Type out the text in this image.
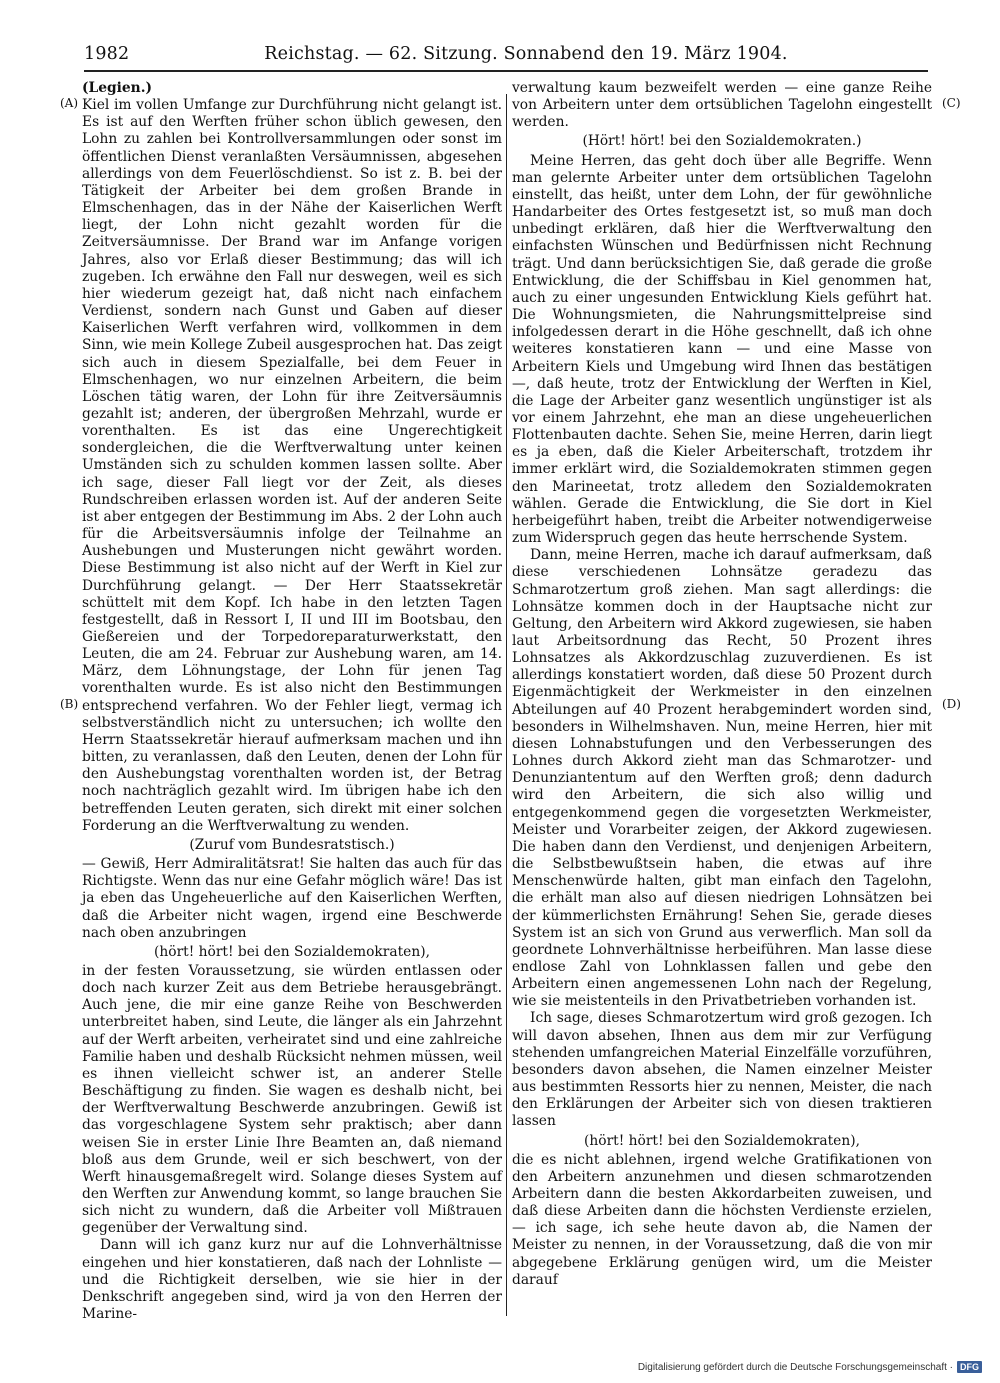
1982	Reichstag. — 62. Sitzung. Sonnabend den 19. März 1904.
(A)
(B)
(C)
(D)

(Legien.)

Kiel im vollen Umfange zur Durchführung nicht gelangt ist. Es ist auf den Werften früher schon üblich gewesen, den Lohn zu zahlen bei Kontrollversammlungen oder sonst im öffentlichen Dienst veranlaßten Versäumnissen, abgesehen allerdings von dem Feuerlöschdienst. So ist z. B. bei der Tätigkeit der Arbeiter bei dem großen Brande in Elmschenhagen, das in der Nähe der Kaiserlichen Werft liegt, der Lohn nicht gezahlt worden für die Zeitversäumnisse. Der Brand war im Anfange vorigen Jahres, also vor Erlaß dieser Bestimmung; das will ich zugeben. Ich erwähne den Fall nur deswegen, weil es sich hier wiederum gezeigt hat, daß nicht nach einfachem Verdienst, sondern nach Gunst und Gaben auf dieser Kaiserlichen Werft verfahren wird, vollkommen in dem Sinn, wie mein Kollege Zubeil ausgesprochen hat. Das zeigt sich auch in diesem Spezialfalle, bei dem Feuer in Elmschenhagen, wo nur einzelnen Arbeitern, die beim Löschen tätig waren, der Lohn für ihre Zeitversäumnis gezahlt ist; anderen, der übergroßen Mehrzahl, wurde er vorenthalten. Es ist das eine Ungerechtigkeit sondergleichen, die die Werftverwaltung unter keinen Umständen sich zu schulden kommen lassen sollte. Aber ich sage, dieser Fall liegt vor der Zeit, als dieses Rundschreiben erlassen worden ist. Auf der anderen Seite ist aber entgegen der Bestimmung im Abs. 2 der Lohn auch für die Arbeitsversäumnis infolge der Teilnahme an Aushebungen und Musterungen nicht gewährt worden. Diese Bestimmung ist also nicht auf der Werft in Kiel zur Durchführung gelangt. — Der Herr Staatssekretär schüttelt mit dem Kopf. Ich habe in den letzten Tagen festgestellt, daß in Ressort I, II und III im Bootsbau, den Gießereien und der Torpedoreparaturwerkstatt, den Leuten, die am 24. Februar zur Aushebung waren, am 14. März, dem Löhnungstage, der Lohn für jenen Tag vorenthalten wurde. Es ist also nicht den Bestimmungen entsprechend verfahren. Wo der Fehler liegt, vermag ich selbstverständlich nicht zu untersuchen; ich wollte den Herrn Staatssekretär hierauf aufmerksam machen und ihn bitten, zu veranlassen, daß den Leuten, denen der Lohn für den Aushebungstag vorenthalten worden ist, der Betrag noch nachträglich gezahlt wird. Im übrigen habe ich den betreffenden Leuten geraten, sich direkt mit einer solchen Forderung an die Werftverwaltung zu wenden.

(Zuruf vom Bundesratstisch.)

— Gewiß, Herr Admiralitätsrat! Sie halten das auch für das Richtigste. Wenn das nur eine Gefahr möglich wäre! Das ist ja eben das Ungeheuerliche auf den Kaiserlichen Werften, daß die Arbeiter nicht wagen, irgend eine Beschwerde nach oben anzubringen

(hört! hört! bei den Sozialdemokraten),

in der festen Voraussetzung, sie würden entlassen oder doch nach kurzer Zeit aus dem Betriebe herausgebrängt. Auch jene, die mir eine ganze Reihe von Beschwerden unterbreitet haben, sind Leute, die länger als ein Jahrzehnt auf der Werft arbeiten, verheiratet sind und eine zahlreiche Familie haben und deshalb Rücksicht nehmen müssen, weil es ihnen vielleicht schwer ist, an anderer Stelle Beschäftigung zu finden. Sie wagen es deshalb nicht, bei der Werftverwaltung Beschwerde anzubringen. Gewiß ist das vorgeschlagene System sehr praktisch; aber dann weisen Sie in erster Linie Ihre Beamten an, daß niemand bloß aus dem Grunde, weil er sich beschwert, von der Werft hinausgemaßregelt wird. Solange dieses System auf den Werften zur Anwendung kommt, so lange brauchen Sie sich nicht zu wundern, daß die Arbeiter voll Mißtrauen gegenüber der Verwaltung sind.

Dann will ich ganz kurz nur auf die Lohnverhältnisse eingehen und hier konstatieren, daß nach der Lohnliste — und die Richtigkeit derselben, wie sie hier in der Denkschrift angegeben sind, wird ja von den Herren der Marine-

verwaltung kaum bezweifelt werden — eine ganze Reihe von Arbeitern unter dem ortsüblichen Tagelohn eingestellt werden.

(Hört! hört! bei den Sozialdemokraten.)

Meine Herren, das geht doch über alle Begriffe. Wenn man gelernte Arbeiter unter dem ortsüblichen Tagelohn einstellt, das heißt, unter dem Lohn, der für gewöhnliche Handarbeiter des Ortes festgesetzt ist, so muß man doch unbedingt erklären, daß hier die Werftverwaltung den einfachsten Wünschen und Bedürfnissen nicht Rechnung trägt. Und dann berücksichtigen Sie, daß gerade die große Entwicklung, die der Schiffsbau in Kiel genommen hat, auch zu einer ungesunden Entwicklung Kiels geführt hat. Die Wohnungsmieten, die Nahrungsmittelpreise sind infolgedessen derart in die Höhe geschnellt, daß ich ohne weiteres konstatieren kann — und eine Masse von Arbeitern Kiels und Umgebung wird Ihnen das bestätigen —, daß heute, trotz der Entwicklung der Werften in Kiel, die Lage der Arbeiter ganz wesentlich ungünstiger ist als vor einem Jahrzehnt, ehe man an diese ungeheuerlichen Flottenbauten dachte. Sehen Sie, meine Herren, darin liegt es ja eben, daß die Kieler Arbeiterschaft, trotzdem ihr immer erklärt wird, die Sozialdemokraten stimmen gegen den Marineetat, trotz alledem den Sozialdemokraten wählen. Gerade die Entwicklung, die Sie dort in Kiel herbeigeführt haben, treibt die Arbeiter notwendigerweise zum Widerspruch gegen das heute herrschende System.

Dann, meine Herren, mache ich darauf aufmerksam, daß diese verschiedenen Lohnsätze geradezu das Schmarotzertum groß ziehen. Man sagt allerdings: die Lohnsätze kommen doch in der Hauptsache nicht zur Geltung, den Arbeitern wird Akkord zugewiesen, sie haben laut Arbeitsordnung das Recht, 50 Prozent ihres Lohnsatzes als Akkordzuschlag zuzuverdienen. Es ist allerdings konstatiert worden, daß diese 50 Prozent durch Eigenmächtigkeit der Werkmeister in den einzelnen Abteilungen auf 40 Prozent herabgemindert worden sind, besonders in Wilhelmshaven. Nun, meine Herren, hier mit diesen Lohnabstufungen und den Verbesserungen des Lohnes durch Akkord zieht man das Schmarotzer- und Denunziantentum auf den Werften groß; denn dadurch wird den Arbeitern, die sich also willig und entgegenkommend gegen die vorgesetzten Werkmeister, Meister und Vorarbeiter zeigen, der Akkord zugewiesen. Die haben dann den Verdienst, und denjenigen Arbeitern, die Selbstbewußtsein haben, die etwas auf ihre Menschenwürde halten, gibt man einfach den Tagelohn, die erhält man also auf diesen niedrigen Lohnsätzen bei der kümmerlichsten Ernährung! Sehen Sie, gerade dieses System ist an sich von Grund aus verwerflich. Man soll da geordnete Lohnverhältnisse herbeiführen. Man lasse diese endlose Zahl von Lohnklassen fallen und gebe den Arbeitern einen angemessenen Lohn nach der Regelung, wie sie meistenteils in den Privatbetrieben vorhanden ist.

Ich sage, dieses Schmarotzertum wird groß gezogen. Ich will davon absehen, Ihnen aus dem mir zur Verfügung stehenden umfangreichen Material Einzelfälle vorzuführen, besonders davon absehen, die Namen einzelner Meister aus bestimmten Ressorts hier zu nennen, Meister, die nach den Erklärungen der Arbeiter sich von diesen traktieren lassen

(hört! hört! bei den Sozialdemokraten),

die es nicht ablehnen, irgend welche Gratifikationen von den Arbeitern anzunehmen und diesen schmarotzenden Arbeitern dann die besten Akkordarbeiten zuweisen, und daß diese Arbeiten dann die höchsten Verdienste erzielen, — ich sage, ich sehe heute davon ab, die Namen der Meister zu nennen, in der Voraussetzung, daß die von mir abgegebene Erklärung genügen wird, um die Meister darauf

Digitalisierung gefördert durch die Deutsche Forschungsgemeinschaft · DFG
